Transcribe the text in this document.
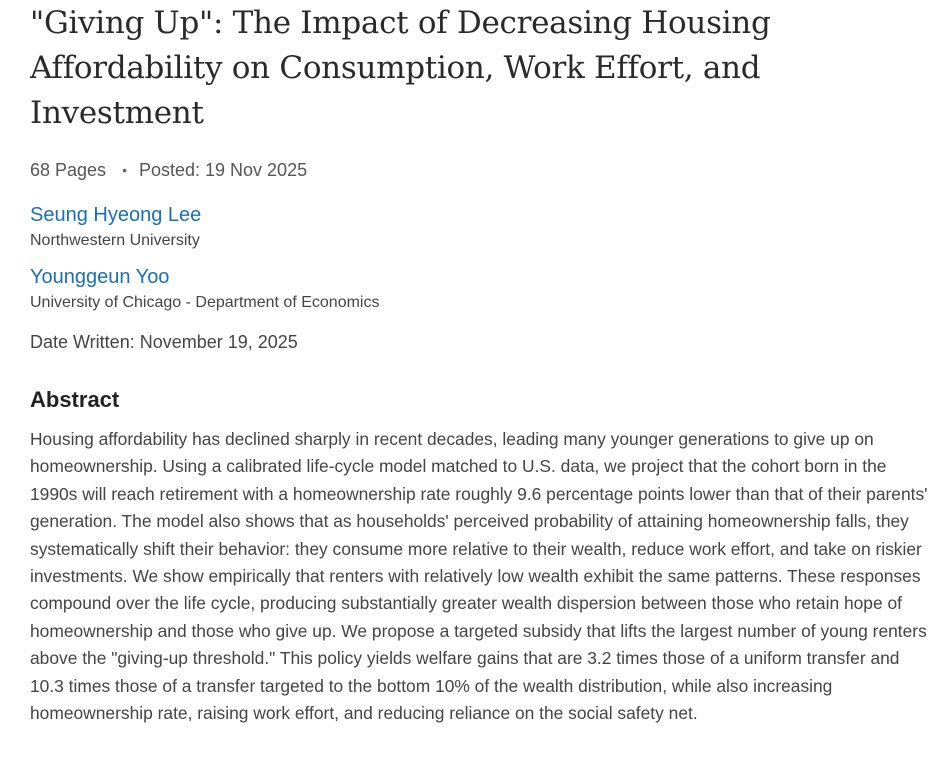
"Giving Up": The Impact of Decreasing Housing Affordability on Consumption, Work Effort, and Investment
68 Pages • Posted: 19 Nov 2025
Seung Hyeong Lee
Northwestern University
Younggeun Yoo
University of Chicago - Department of Economics
Date Written: November 19, 2025
Abstract
Housing affordability has declined sharply in recent decades, leading many younger generations to give up on homeownership. Using a calibrated life-cycle model matched to U.S. data, we project that the cohort born in the 1990s will reach retirement with a homeownership rate roughly 9.6 percentage points lower than that of their parents' generation. The model also shows that as households' perceived probability of attaining homeownership falls, they systematically shift their behavior: they consume more relative to their wealth, reduce work effort, and take on riskier investments. We show empirically that renters with relatively low wealth exhibit the same patterns. These responses compound over the life cycle, producing substantially greater wealth dispersion between those who retain hope of homeownership and those who give up. We propose a targeted subsidy that lifts the largest number of young renters above the "giving-up threshold." This policy yields welfare gains that are 3.2 times those of a uniform transfer and 10.3 times those of a transfer targeted to the bottom 10% of the wealth distribution, while also increasing homeownership rate, raising work effort, and reducing reliance on the social safety net.
